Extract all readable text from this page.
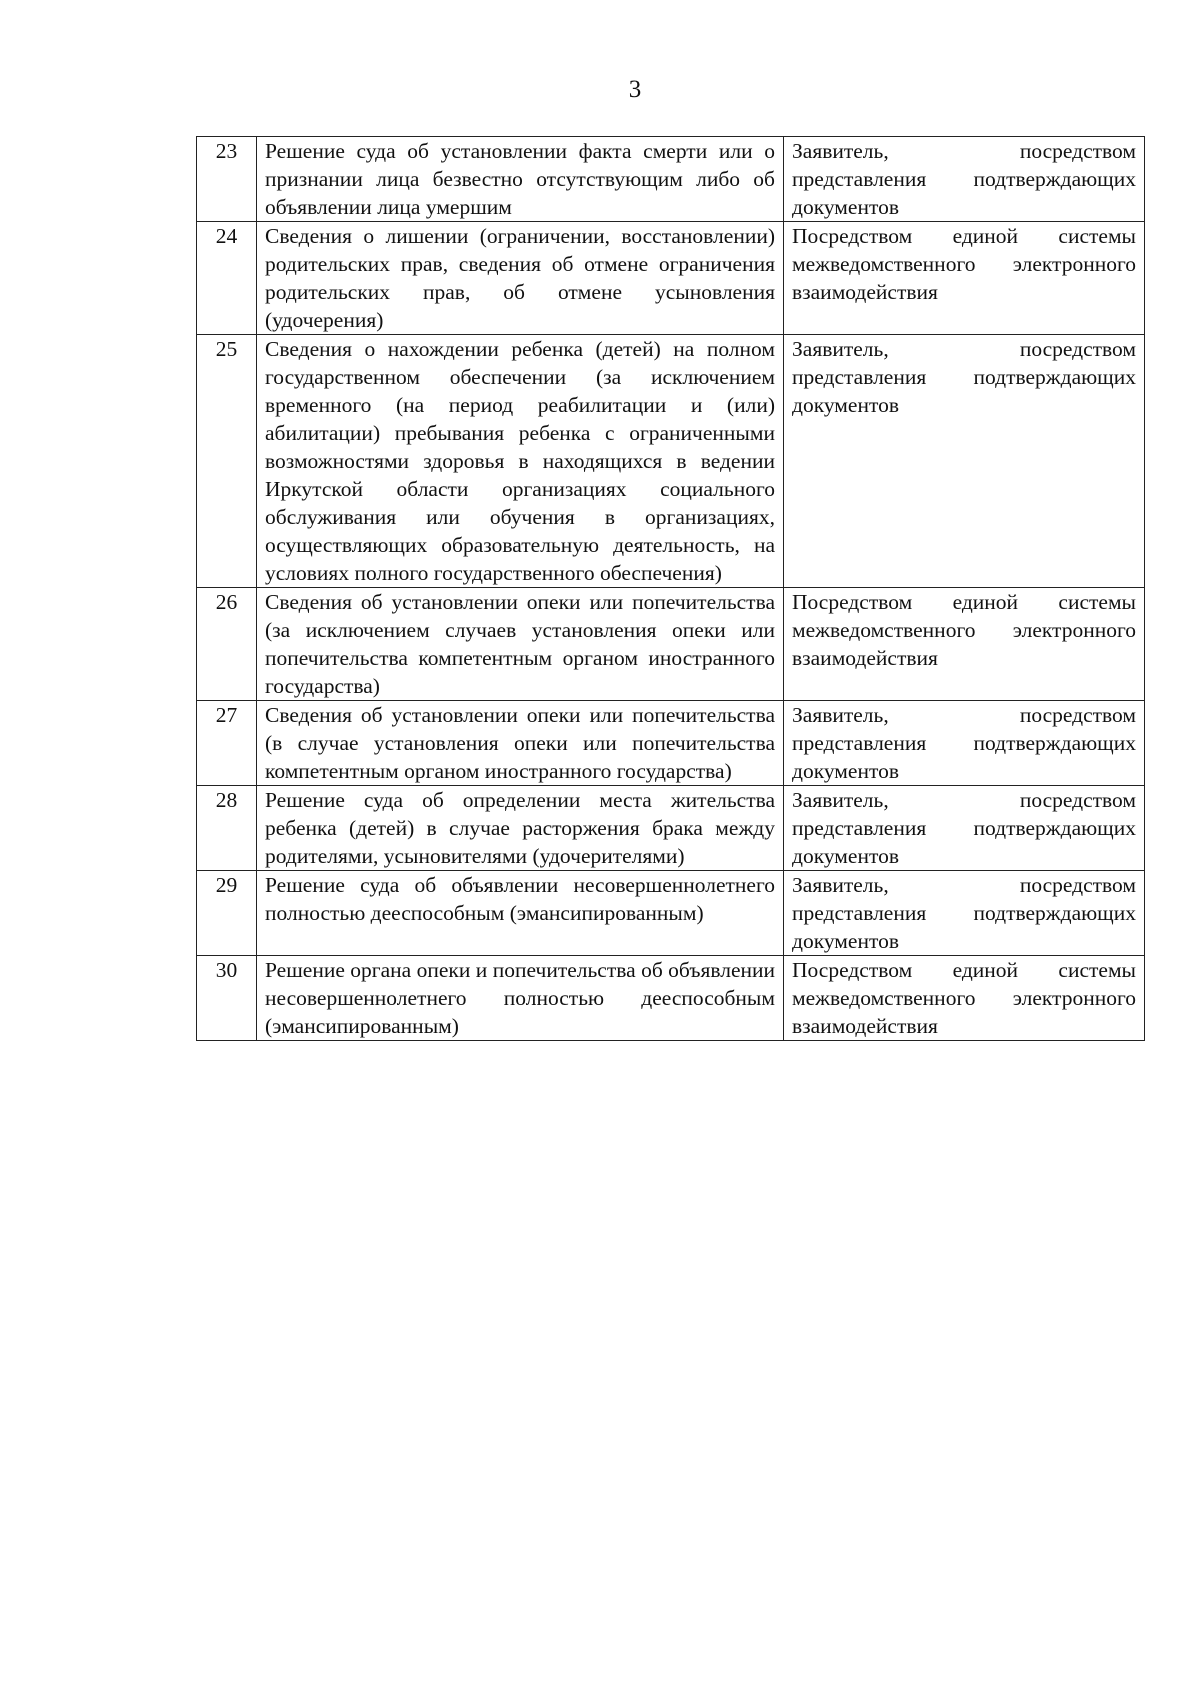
3
23	Решение суда об установлении факта смерти или о признании лица безвестно отсутствующим либо об объявлении лица умершим	Заявитель, посредством представления подтверждающих документов
24	Сведения о лишении (ограничении, восстановлении) родительских прав, сведения об отмене ограничения родительских прав, об отмене усыновления (удочерения)	Посредством единой системы межведомственного электронного взаимодействия
25	Сведения о нахождении ребенка (детей) на полном государственном обеспечении (за исключением временного (на период реабилитации и (или) абилитации) пребывания ребенка с ограниченными возможностями здоровья в находящихся в ведении Иркутской области организациях социального обслуживания или обучения в организациях, осуществляющих образовательную деятельность, на условиях полного государственного обеспечения)	Заявитель, посредством представления подтверждающих документов
26	Сведения об установлении опеки или попечительства (за исключением случаев установления опеки или попечительства компетентным органом иностранного государства)	Посредством единой системы межведомственного электронного взаимодействия
27	Сведения об установлении опеки или попечительства (в случае установления опеки или попечительства компетентным органом иностранного государства)	Заявитель, посредством представления подтверждающих документов
28	Решение суда об определении места жительства ребенка (детей) в случае расторжения брака между родителями, усыновителями (удочерителями)	Заявитель, посредством представления подтверждающих документов
29	Решение суда об объявлении несовершеннолетнего полностью дееспособным (эмансипированным)	Заявитель, посредством представления подтверждающих документов
30	Решение органа опеки и попечительства об объявлении несовершеннолетнего полностью дееспособным (эмансипированным)	Посредством единой системы межведомственного электронного взаимодействия
